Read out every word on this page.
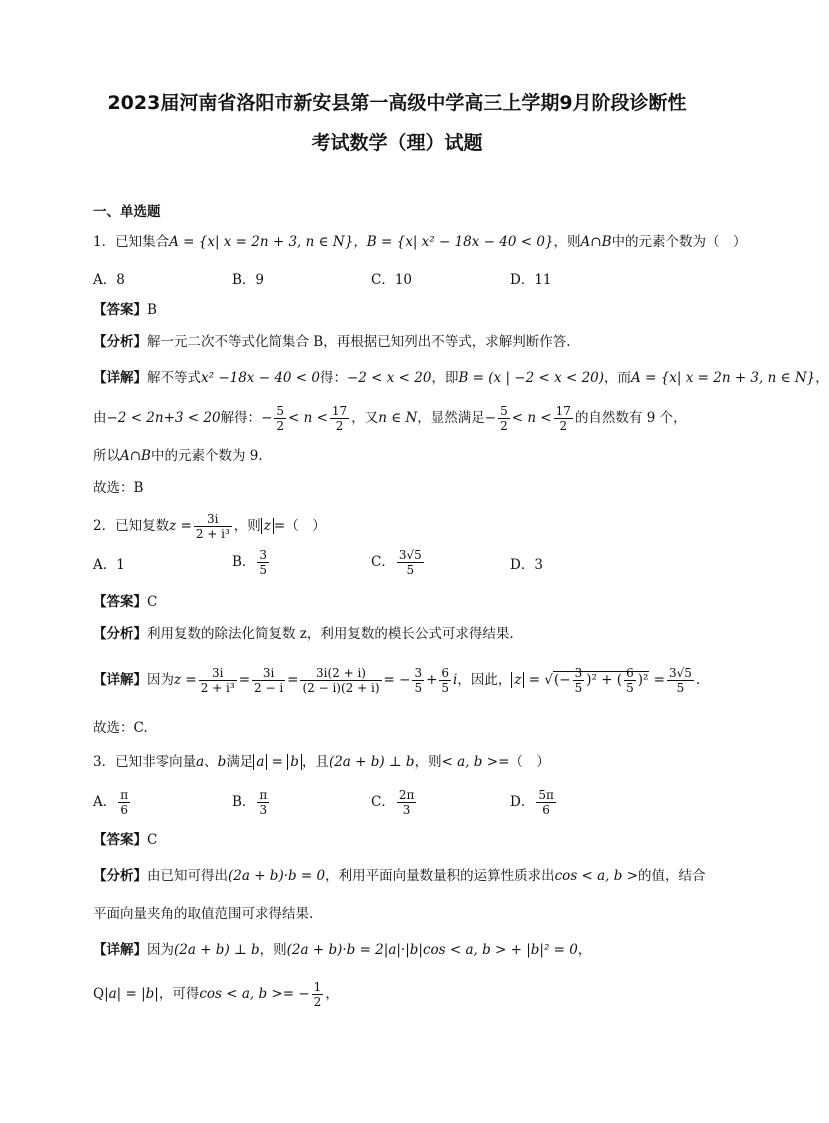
2023届河南省洛阳市新安县第一高级中学高三上学期9月阶段诊断性
考试数学（理）试题
一、单选题
1．已知集合A = {x| x = 2n + 3, n ∈ N}，B = {x| x² − 18x − 40 < 0}，则A∩B中的元素个数为（　）
A．8	B．9	C．10	D．11
【答案】B
【分析】解一元二次不等式化简集合 B，再根据已知列出不等式，求解判断作答.
【详解】解不等式x² −18x − 40 < 0得：−2 < x < 20，即B = (x | −2 < x < 20)，而A = {x| x = 2n + 3, n ∈ N}，
由−2 < 2n+3 < 20解得：− $\frac{5}{2} < n < \frac{17}{2}$ ，又n ∈ N，显然满足− $\frac{5}{2} < n < \frac{17}{2}$ 的自然数有 9 个，
所以A∩B中的元素个数为 9.
故选：B
2．已知复数$z = \frac{3i}{\text{2 + i³}}$ ，则 z =（　）
A．1	B． $\frac{3}{5}$	C． $\frac{3√5}{5}$	D．3
【答案】C
【分析】利用复数的除法化简复数 z，利用复数的模长公式可求得结果.
【详解】因为$z = \frac{3i}{\text{2 + i³}} = \frac{3i}{2 - i} = \frac{3i(2 + i)}{(2 - i)(2 + i)}$ = − $\frac{3}{5} + \frac{6}{5}$ i，因此， z = √(− $\frac{3}{5} )^2$ + ( $\frac{6}{5} )^2 = \frac{3√5}{5}$ .
故选：C.
3．已知非零向量a、b满足 a = b ，且(2a + b) ⊥ b，则< a, b >=（　）
A． $\frac{\pi}{6}$	B． $\frac{\pi}{3}$	C． $\frac{2\pi}{3}$	D． $\frac{5\pi}{6}$
【答案】C
【分析】由已知可得出(2a + b)·b = 0，利用平面向量数量积的运算性质求出cos < a, b >的值，结合
平面向量夹角的取值范围可求得结果.
【详解】因为(2a + b) ⊥ b，则(2a + b)·b = 2|a|·|b|cos < a, b > + |b|² = 0，
Q|a| = |b|，可得cos < a, b >= − $\frac{1}{2}$ ，
